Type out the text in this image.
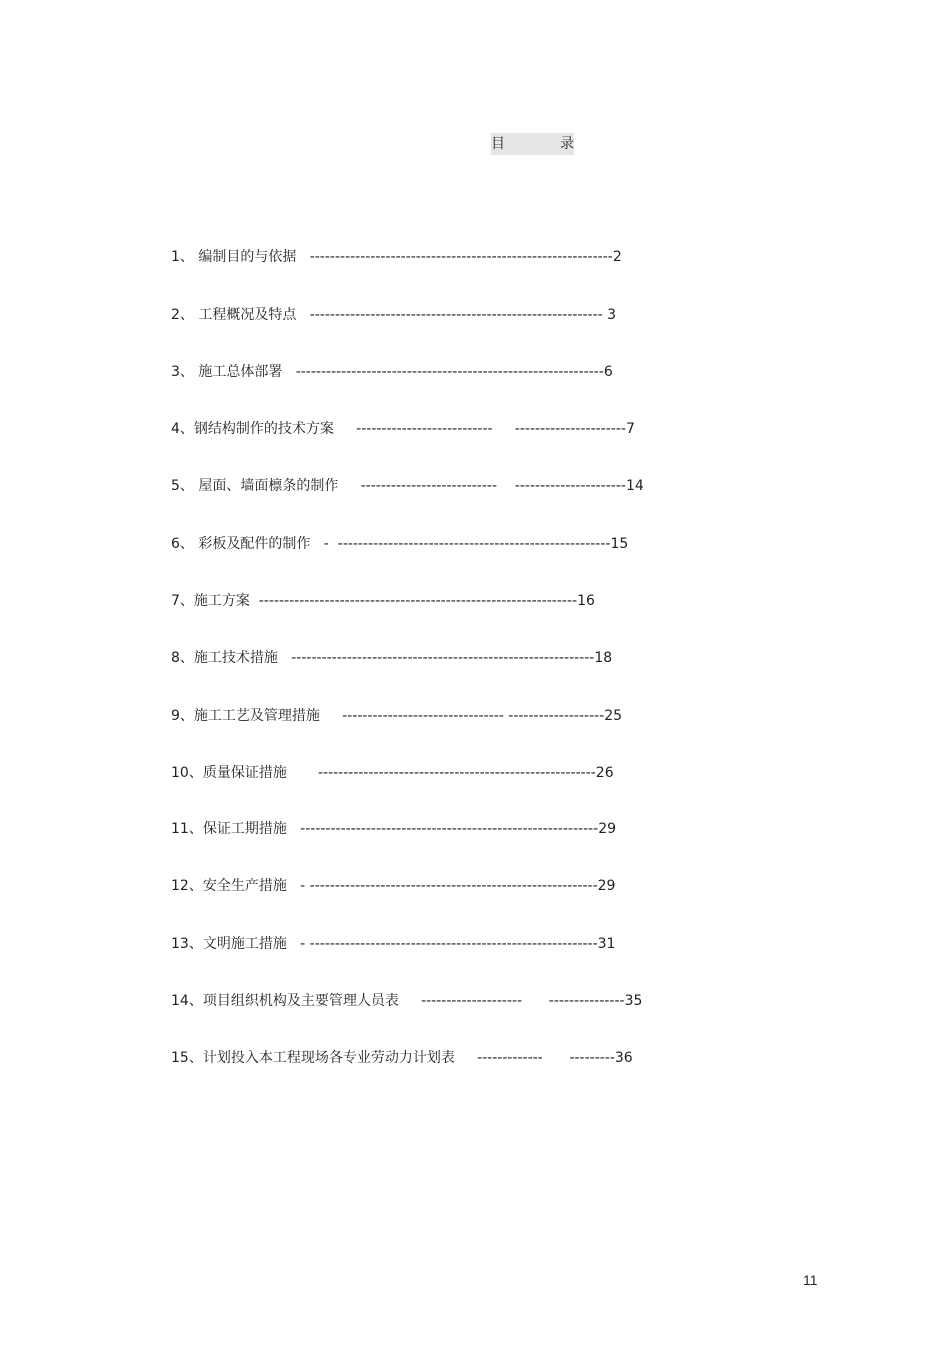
目	录
1、 编制目的与依据   ------------------------------------------------------------2
2、 工程概况及特点   ---------------------------------------------------------- 3
3、 施工总体部署   -------------------------------------------------------------6
4、钢结构制作的技术方案     ---------------------------     ----------------------7
5、 屋面、墙面檩条的制作     ---------------------------    ----------------------14
6、 彩板及配件的制作   -  ------------------------------------------------------15
7、施工方案  ---------------------------------------------------------------16
8、施工技术措施   ------------------------------------------------------------18
9、施工工艺及管理措施     -------------------------------- -------------------25
10、质量保证措施       -------------------------------------------------------26
11、保证工期措施   -----------------------------------------------------------29
12、安全生产措施   - ---------------------------------------------------------29
13、文明施工措施   - ---------------------------------------------------------31
14、项目组织机构及主要管理人员表     --------------------      ---------------35
15、计划投入本工程现场各专业劳动力计划表     -------------      ---------36
11
